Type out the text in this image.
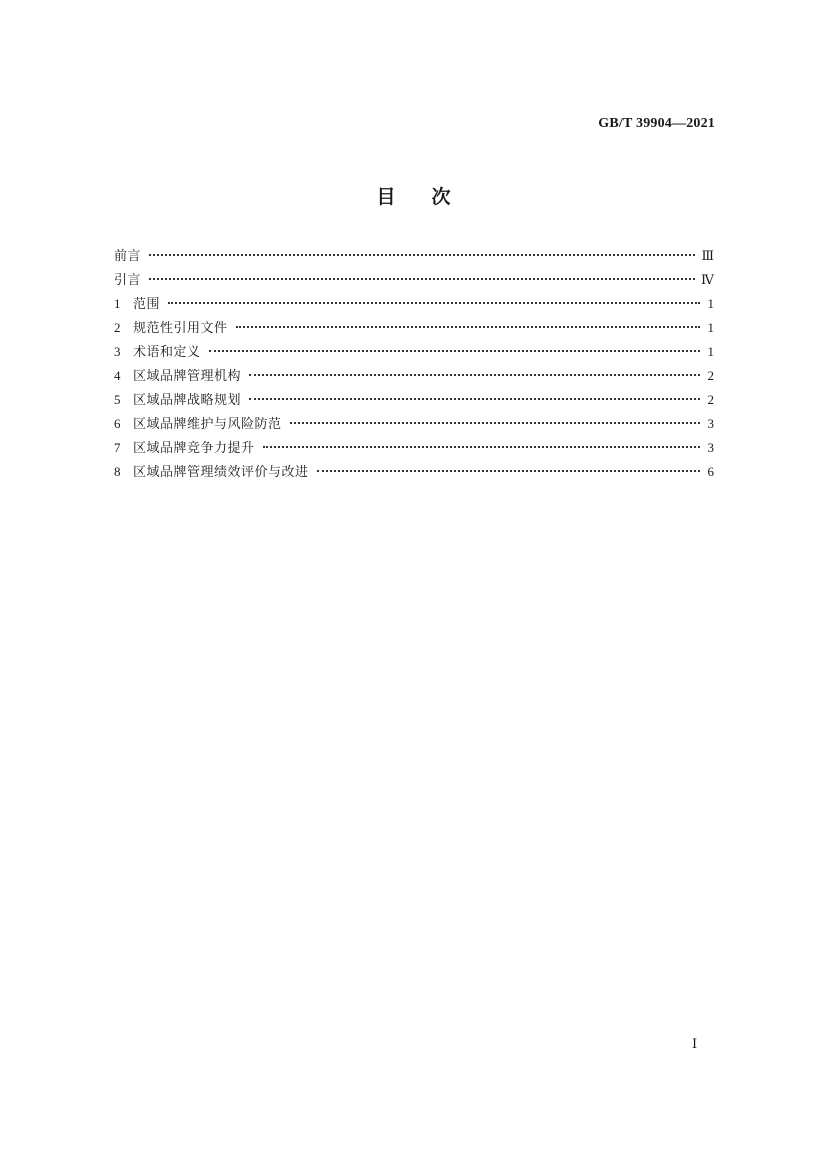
GB/T 39904—2021
目 次
前言	Ⅲ
引言	Ⅳ
1 范围	1
2 规范性引用文件	1
3 术语和定义	1
4 区域品牌管理机构	2
5 区域品牌战略规划	2
6 区域品牌维护与风险防范	3
7 区域品牌竞争力提升	3
8 区域品牌管理绩效评价与改进	6
Ⅰ
